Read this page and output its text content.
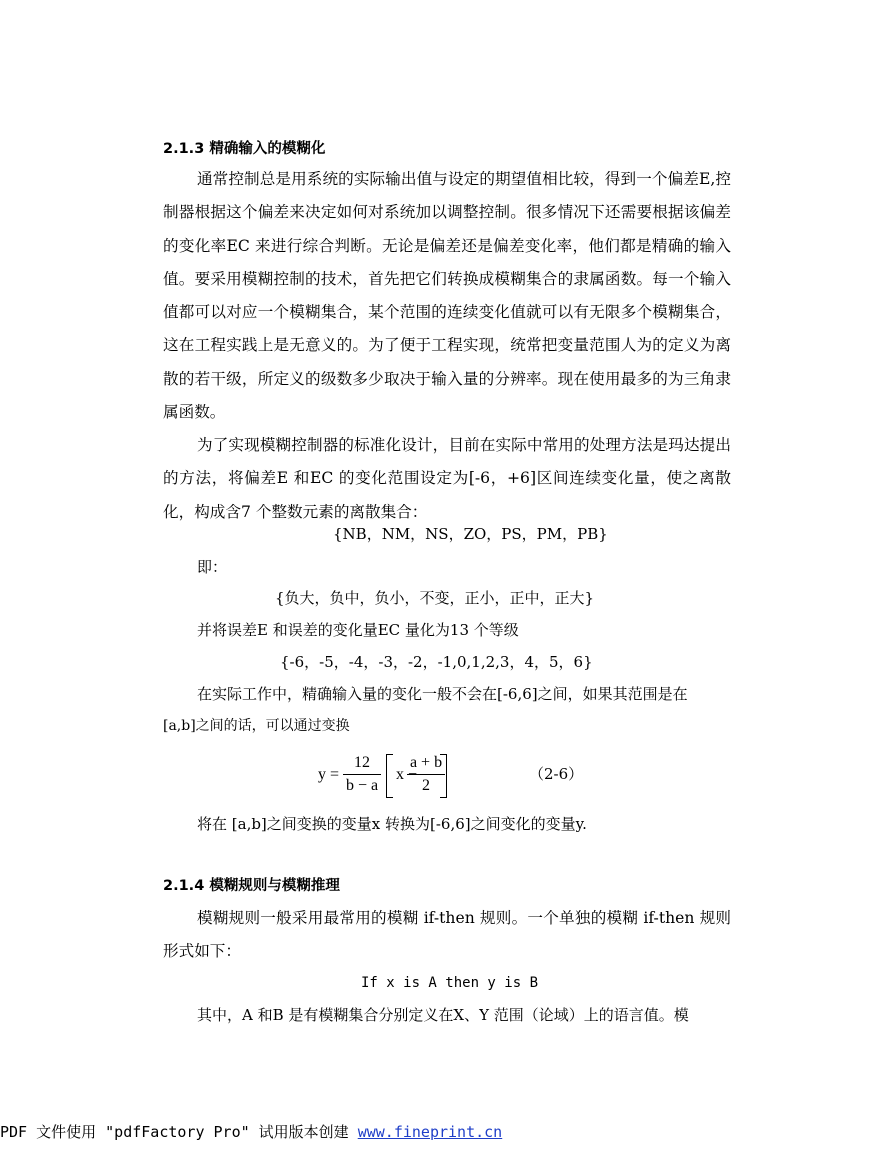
2.1.3 精确输入的模糊化

通常控制总是用系统的实际输出值与设定的期望值相比较，得到一个偏差E,控制器根据这个偏差来决定如何对系统加以调整控制。很多情况下还需要根据该偏差的变化率EC 来进行综合判断。无论是偏差还是偏差变化率，他们都是精确的输入值。要采用模糊控制的技术，首先把它们转换成模糊集合的隶属函数。每一个输入值都可以对应一个模糊集合，某个范围的连续变化值就可以有无限多个模糊集合，这在工程实践上是无意义的。为了便于工程实现，统常把变量范围人为的定义为离散的若干级，所定义的级数多少取决于输入量的分辨率。现在使用最多的为三角隶属函数。

为了实现模糊控制器的标准化设计，目前在实际中常用的处理方法是玛达提出的方法，将偏差E 和EC 的变化范围设定为[-6，+6]区间连续变化量，使之离散化，构成含7 个整数元素的离散集合：

{NB，NM，NS，ZO，PS，PM，PB}
即：
{负大，负中，负小，不变，正小，正中，正大}
并将误差E 和误差的变化量EC 量化为13 个等级
{-6，-5，-4，-3，-2，-1,0,1,2,3，4，5，6}
在实际工作中，精确输入量的变化一般不会在[-6,6]之间，如果其范围是在
[a,b]之间的话，可以通过变换
y =
12
b − a
x −
a + b
2
（2-6）
将在 [a,b]之间变换的变量x 转换为[-6,6]之间变化的变量y.
2.1.4 模糊规则与模糊推理

模糊规则一般采用最常用的模糊 if-then 规则。一个单独的模糊 if-then 规则形式如下：

If x is A then y is B
其中，A 和B 是有模糊集合分别定义在X、Y 范围（论域）上的语言值。模
PDF 文件使用 "pdfFactory Pro" 试用版本创建 www.fineprint.cn
